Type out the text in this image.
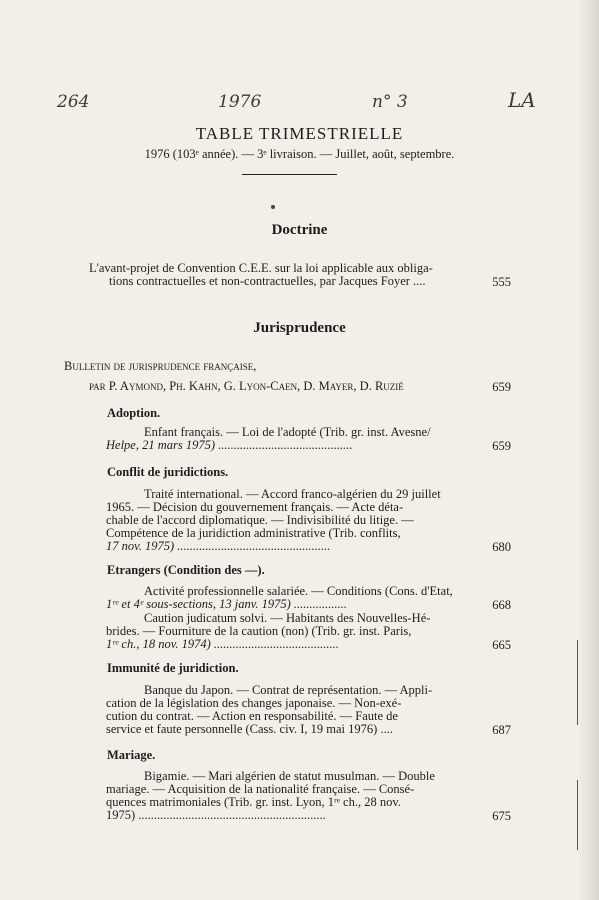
264	1976	n° 3	LA
TABLE TRIMESTRIELLE
1976 (103ᵉ année). — 3ᵉ livraison. — Juillet, août, septembre.
Doctrine
L'avant-projet de Convention C.E.E. sur la loi applicable aux obliga-
tions contractuelles et non-contractuelles, par Jacques Foyer ....	555
Jurisprudence
Bulletin de jurisprudence française,
par P. Aymond, Ph. Kahn, G. Lyon-Caen, D. Mayer, D. Ruzié	659
Adoption.
Enfant français. — Loi de l'adopté (Trib. gr. inst. Avesne/
Helpe, 21 mars 1975) ...........................................	659
Conflit de juridictions.
Traité international. — Accord franco-algérien du 29 juillet
1965. — Décision du gouvernement français. — Acte déta-
chable de l'accord diplomatique. — Indivisibilité du litige. —
Compétence de la juridiction administrative (Trib. conflits,
17 nov. 1975) .................................................	680
Etrangers (Condition des —).
Activité professionnelle salariée. — Conditions (Cons. d'Etat,
1ʳᵉ et 4ᵉ sous-sections, 13 janv. 1975) .................	668
Caution judicatum solvi. — Habitants des Nouvelles-Hé-
brides. — Fourniture de la caution (non) (Trib. gr. inst. Paris,
1ʳᵉ ch., 18 nov. 1974) ........................................	665
Immunité de juridiction.
Banque du Japon. — Contrat de représentation. — Appli-
cation de la législation des changes japonaise. — Non-exé-
cution du contrat. — Action en responsabilité. — Faute de
service et faute personnelle (Cass. civ. I, 19 mai 1976) ....	687
Mariage.
Bigamie. — Mari algérien de statut musulman. — Double
mariage. — Acquisition de la nationalité française. — Consé-
quences matrimoniales (Trib. gr. inst. Lyon, 1ʳᵉ ch., 28 nov.
1975) ............................................................	675
